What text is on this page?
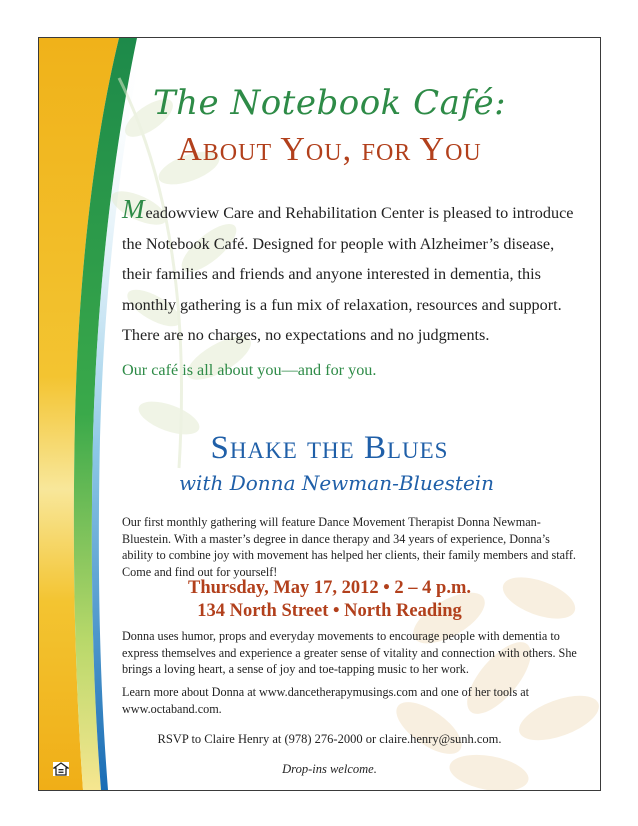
The Notebook Café:
About You, for You
Meadowview Care and Rehabilitation Center is pleased to introduce the Notebook Café. Designed for people with Alzheimer’s disease, their families and friends and anyone interested in dementia, this monthly gathering is a fun mix of relaxation, resources and support. There are no charges, no expectations and no judgments.
Our café is all about you—and for you.
Shake the Blues
with Donna Newman-Bluestein
Our first monthly gathering will feature Dance Movement Therapist Donna Newman-Bluestein. With a master’s degree in dance therapy and 34 years of experience, Donna’s ability to combine joy with movement has helped her clients, their family members and staff. Come and find out for yourself!
Thursday, May 17, 2012 • 2 – 4 p.m.
134 North Street • North Reading
Donna uses humor, props and everyday movements to encourage people with dementia to express themselves and experience a greater sense of vitality and connection with others. She brings a loving heart, a sense of joy and toe-tapping music to her work.
Learn more about Donna at www.dancetherapymusings.com and one of her tools at www.octaband.com.
RSVP to Claire Henry at (978) 276-2000 or claire.henry@sunh.com.
Drop-ins welcome.
